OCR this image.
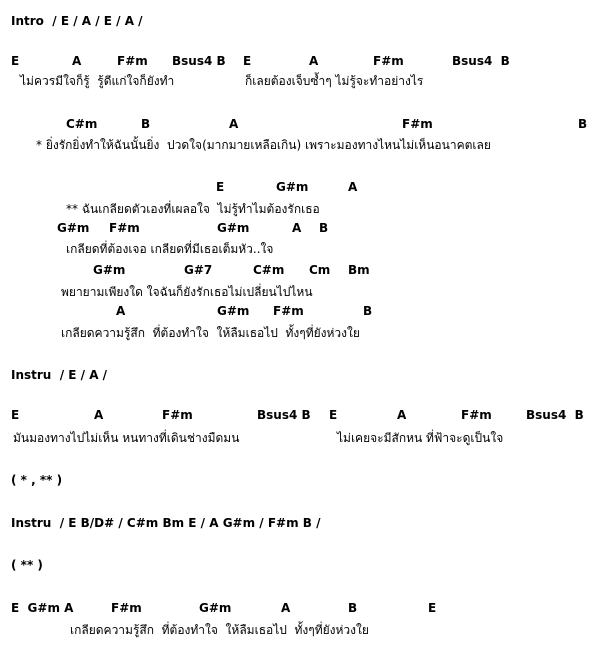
Intro  / E / A / E / A /
E	A	F#m Bsus4 B E	A	F#m	Bsus4  B
ไม่ควรมีใจก็รู้  รู้ดีแก่ใจก็ยังทำ	ก็เลยต้องเจ็บซ้ำๆ ไม่รู้จะทำอย่างไร
C#m	B	A	F#m	B
* ยิ่งรักยิ่งทำให้ฉันนั้นยิ่ง  ปวดใจ(มากมายเหลือเกิน) เพราะมองทางไหนไม่เห็นอนาคตเลย
E	G#m	A
** ฉันเกลียดตัวเองที่เผลอใจ  ไม่รู้ทำไมต้องรักเธอ
G#m F#m	G#m	A B
เกลียดที่ต้องเจอ เกลียดที่มีเธอเต็มหัว..ใจ
G#m	G#7	C#m Cm Bm
พยายามเพียงใด ใจฉันก็ยังรักเธอไม่เปลี่ยนไปไหน
A	G#m F#m	B
เกลียดความรู้สึก  ที่ต้องทำใจ  ให้ลืมเธอไป  ทั้งๆที่ยังห่วงใย
Instru  / E / A /
E	A	F#m	Bsus4 B E	A	F#m	Bsus4  B
มันมองทางไปไม่เห็น หนทางที่เดินช่างมืดมน	ไม่เคยจะมีสักหน ที่ฟ้าจะดูเป็นใจ
( * , ** )
Instru  / E B/D# / C#m Bm E / A G#m / F#m B /
( ** )
E  G#m A	F#m	G#m	A	B	E
เกลียดความรู้สึก  ที่ต้องทำใจ  ให้ลืมเธอไป  ทั้งๆที่ยังห่วงใย
